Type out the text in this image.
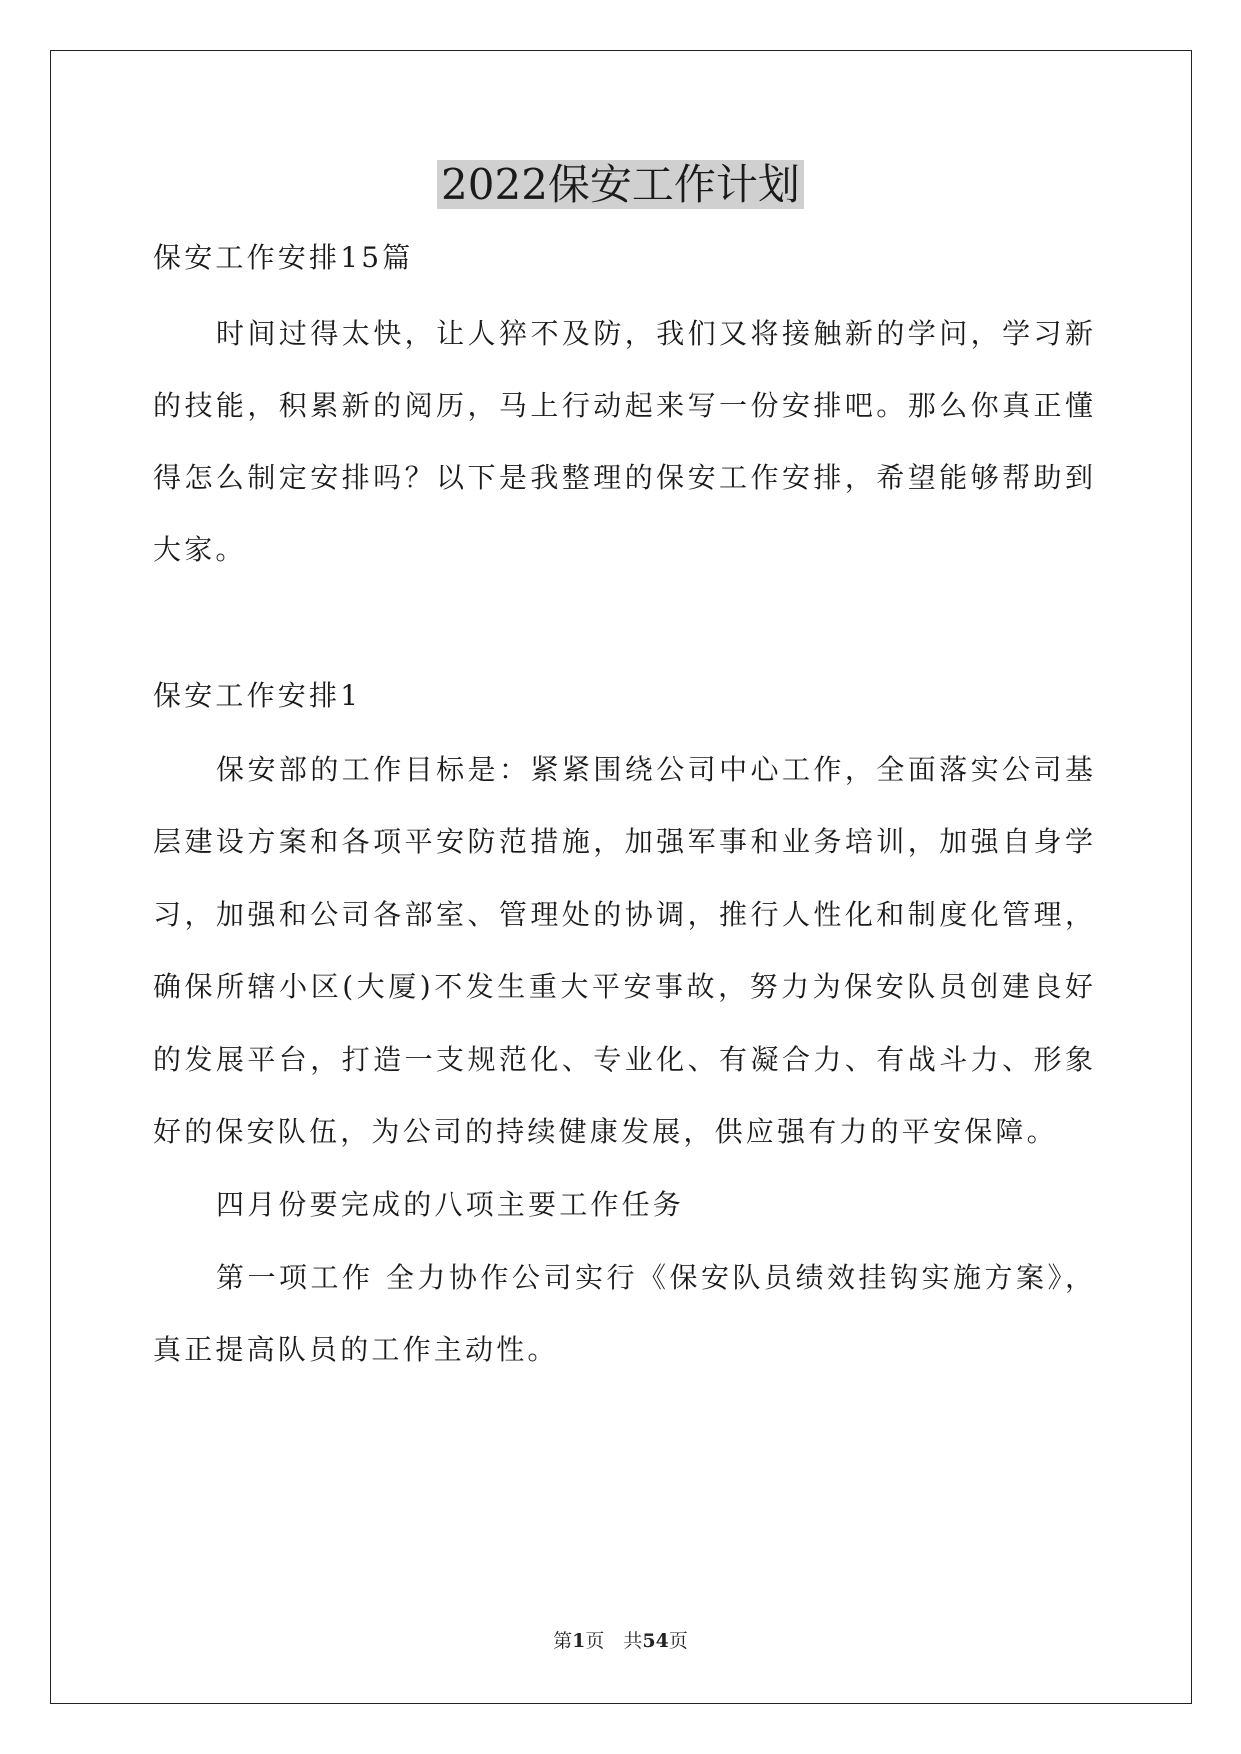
2022保安工作计划
保安工作安排15篇
时间过得太快，让人猝不及防，我们又将接触新的学问，学习新
的技能，积累新的阅历，马上行动起来写一份安排吧。那么你真正懂
得怎么制定安排吗？以下是我整理的保安工作安排，希望能够帮助到
大家。
保安工作安排1
保安部的工作目标是：紧紧围绕公司中心工作，全面落实公司基
层建设方案和各项平安防范措施，加强军事和业务培训，加强自身学
习，加强和公司各部室、管理处的协调，推行人性化和制度化管理，
确保所辖小区(大厦)不发生重大平安事故，努力为保安队员创建良好
的发展平台，打造一支规范化、专业化、有凝合力、有战斗力、形象
好的保安队伍，为公司的持续健康发展，供应强有力的平安保障。
四月份要完成的八项主要工作任务
第一项工作 全力协作公司实行《保安队员绩效挂钩实施方案》，
真正提高队员的工作主动性。
第1页　共54页
